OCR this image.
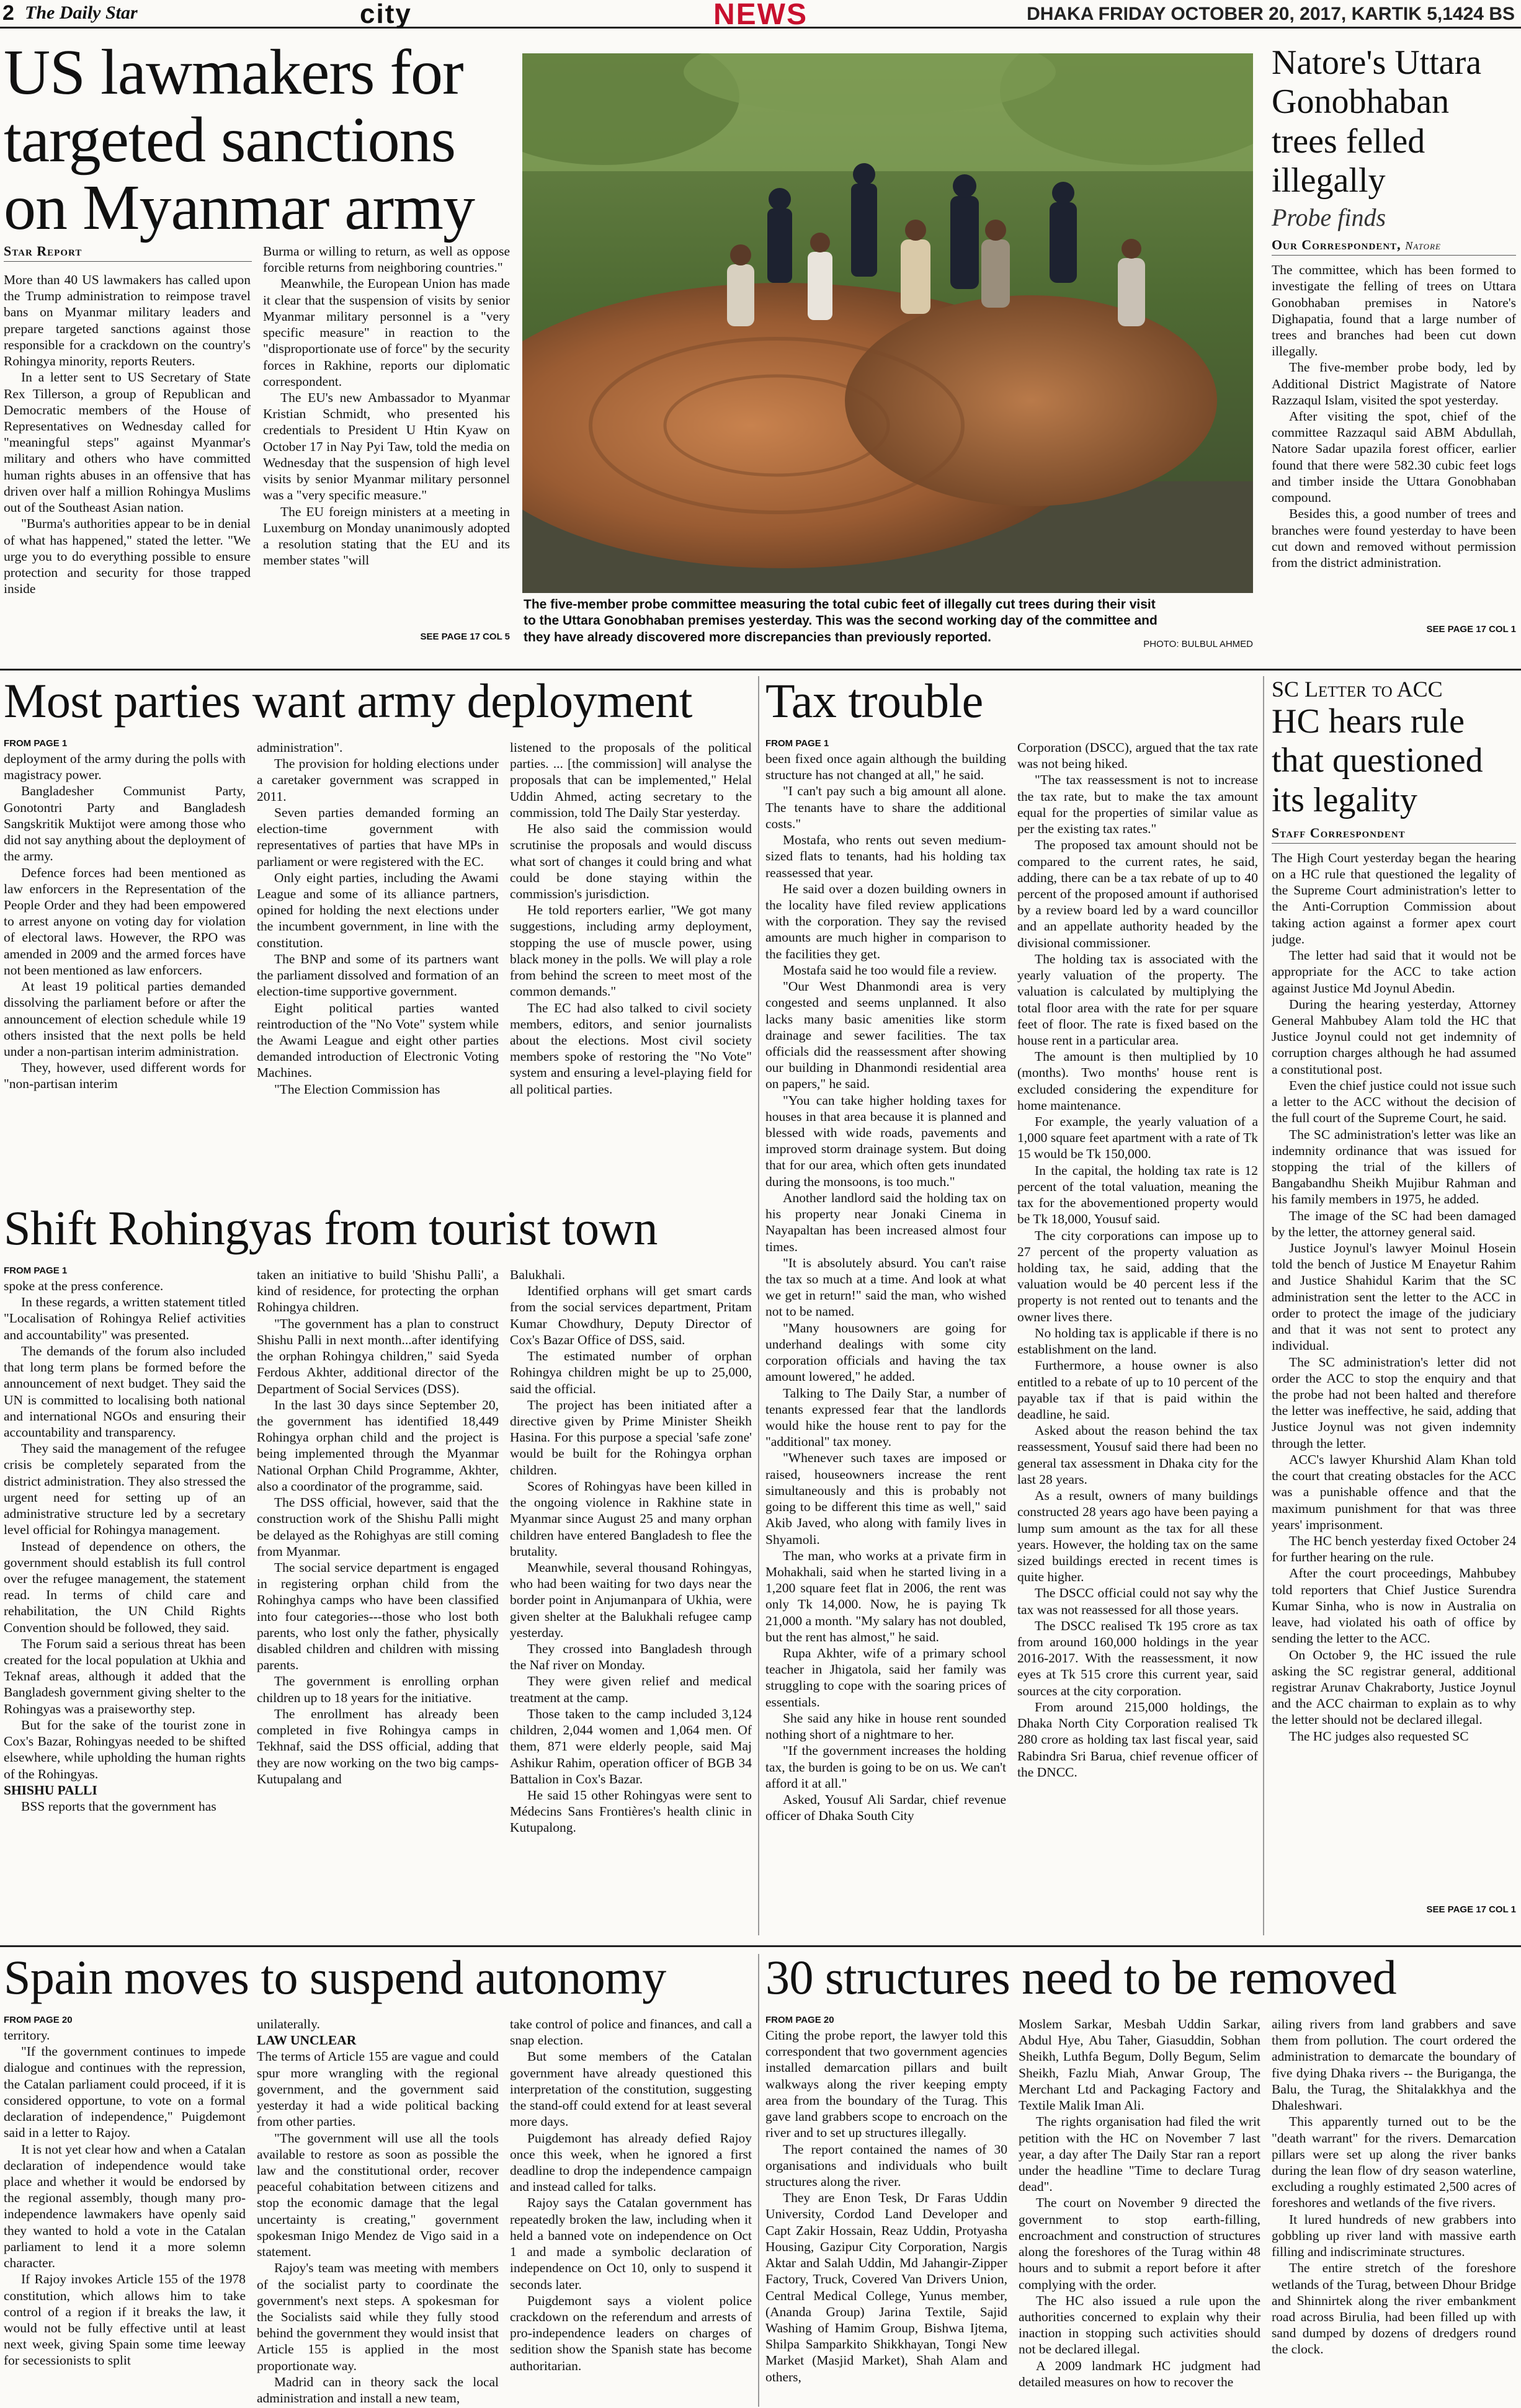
2 The Daily Star	city	NEWS	DHAKA FRIDAY OCTOBER 20, 2017, KARTIK 5,1424 BS
US lawmakers for targeted sanctions on Myanmar army
Star Report

More than 40 US lawmakers has called upon the Trump administration to reimpose travel bans on Myanmar military leaders and prepare targeted sanctions against those responsible for a crackdown on the country's Rohingya minority, reports Reuters.

In a letter sent to US Secretary of State Rex Tillerson, a group of Republican and Democratic members of the House of Representatives on Wednesday called for "meaningful steps" against Myanmar's military and others who have committed human rights abuses in an offensive that has driven over half a million Rohingya Muslims out of the Southeast Asian nation.

"Burma's authorities appear to be in denial of what has happened," stated the letter. "We urge you to do everything possible to ensure protection and security for those trapped inside

Burma or willing to return, as well as oppose forcible returns from neighboring countries."

Meanwhile, the European Union has made it clear that the suspension of visits by senior Myanmar military personnel is a "very specific measure" in reaction to the "disproportionate use of force" by the security forces in Rakhine, reports our diplomatic correspondent.

The EU's new Ambassador to Myanmar Kristian Schmidt, who presented his credentials to President U Htin Kyaw on October 17 in Nay Pyi Taw, told the media on Wednesday that the suspension of high level visits by senior Myanmar military personnel was a "very specific measure."

The EU foreign ministers at a meeting in Luxemburg on Monday unanimously adopted a resolution stating that the EU and its member states "will

SEE PAGE 17 COL 5
The five-member probe committee measuring the total cubic feet of illegally cut trees during their visit to the Uttara Gonobhaban premises yesterday. This was the second working day of the committee and they have already discovered more discrepancies than previously reported.	PHOTO: BULBUL AHMED
Natore's Uttara Gonobhaban trees felled illegally
Probe finds
Our Correspondent, Natore

The committee, which has been formed to investigate the felling of trees on Uttara Gonobhaban premises in Natore's Dighapatia, found that a large number of trees and branches had been cut down illegally.

The five-member probe body, led by Additional District Magistrate of Natore Razzaqul Islam, visited the spot yesterday.

After visiting the spot, chief of the committee Razzaqul said ABM Abdullah, Natore Sadar upazila forest officer, earlier found that there were 582.30 cubic feet logs and timber inside the Uttara Gonobhaban compound.

Besides this, a good number of trees and branches were found yesterday to have been cut down and removed without permission from the district administration.

SEE PAGE 17 COL 1
Most parties want army deployment
FROM PAGE 1

deployment of the army during the polls with magistracy power.

Bangladesher Communist Party, Gonotontri Party and Bangladesh Sangskritik Muktijot were among those who did not say anything about the deployment of the army.

Defence forces had been mentioned as law enforcers in the Representation of the People Order and they had been empowered to arrest anyone on voting day for violation of electoral laws. However, the RPO was amended in 2009 and the armed forces have not been mentioned as law enforcers.

At least 19 political parties demanded dissolving the parliament before or after the announcement of election schedule while 19 others insisted that the next polls be held under a non-partisan interim administration.

They, however, used different words for "non-partisan interim

administration".

The provision for holding elections under a caretaker government was scrapped in 2011.

Seven parties demanded forming an election-time government with representatives of parties that have MPs in parliament or were registered with the EC.

Only eight parties, including the Awami League and some of its alliance partners, opined for holding the next elections under the incumbent government, in line with the constitution.

The BNP and some of its partners want the parliament dissolved and formation of an election-time supportive government.

Eight political parties wanted reintroduction of the "No Vote" system while the Awami League and eight other parties demanded introduction of Electronic Voting Machines.

"The Election Commission has

listened to the proposals of the political parties. ... [the commission] will analyse the proposals that can be implemented," Helal Uddin Ahmed, acting secretary to the commission, told The Daily Star yesterday.

He also said the commission would scrutinise the proposals and would discuss what sort of changes it could bring and what could be done staying within the commission's jurisdiction.

He told reporters earlier, "We got many suggestions, including army deployment, stopping the use of muscle power, using black money in the polls. We will play a role from behind the screen to meet most of the common demands."

The EC had also talked to civil society members, editors, and senior journalists about the elections. Most civil society members spoke of restoring the "No Vote" system and ensuring a level-playing field for all political parties.

Tax trouble
FROM PAGE 1

been fixed once again although the building structure has not changed at all," he said.

"I can't pay such a big amount all alone. The tenants have to share the additional costs."

Mostafa, who rents out seven medium-sized flats to tenants, had his holding tax reassessed that year.

He said over a dozen building owners in the locality have filed review applications with the corporation. They say the revised amounts are much higher in comparison to the facilities they get.

Mostafa said he too would file a review.

"Our West Dhanmondi area is very congested and seems unplanned. It also lacks many basic amenities like storm drainage and sewer facilities. The tax officials did the reassessment after showing our building in Dhanmondi residential area on papers," he said.

"You can take higher holding taxes for houses in that area because it is planned and blessed with wide roads, pavements and improved storm drainage system. But doing that for our area, which often gets inundated during the monsoons, is too much."

Another landlord said the holding tax on his property near Jonaki Cinema in Nayapaltan has been increased almost four times.

"It is absolutely absurd. You can't raise the tax so much at a time. And look at what we get in return!" said the man, who wished not to be named.

"Many housowners are going for underhand dealings with some city corporation officials and having the tax amount lowered," he added.

Talking to The Daily Star, a number of tenants expressed fear that the landlords would hike the house rent to pay for the "additional" tax money.

"Whenever such taxes are imposed or raised, houseowners increase the rent simultaneously and this is probably not going to be different this time as well," said Akib Javed, who along with family lives in Shyamoli.

The man, who works at a private firm in Mohakhali, said when he started living in a 1,200 square feet flat in 2006, the rent was only Tk 14,000. Now, he is paying Tk 21,000 a month. "My salary has not doubled, but the rent has almost," he said.

Rupa Akhter, wife of a primary school teacher in Jhigatola, said her family was struggling to cope with the soaring prices of essentials.

She said any hike in house rent sounded nothing short of a nightmare to her.

"If the government increases the holding tax, the burden is going to be on us. We can't afford it at all."

Asked, Yousuf Ali Sardar, chief revenue officer of Dhaka South City

Corporation (DSCC), argued that the tax rate was not being hiked.

"The tax reassessment is not to increase the tax rate, but to make the tax amount equal for the properties of similar value as per the existing tax rates."

The proposed tax amount should not be compared to the current rates, he said, adding, there can be a tax rebate of up to 40 percent of the proposed amount if authorised by a review board led by a ward councillor and an appellate authority headed by the divisional commissioner.

The holding tax is associated with the yearly valuation of the property. The valuation is calculated by multiplying the total floor area with the rate for per square feet of floor. The rate is fixed based on the house rent in a particular area.

The amount is then multiplied by 10 (months). Two months' house rent is excluded considering the expenditure for home maintenance.

For example, the yearly valuation of a 1,000 square feet apartment with a rate of Tk 15 would be Tk 150,000.

In the capital, the holding tax rate is 12 percent of the total valuation, meaning the tax for the abovementioned property would be Tk 18,000, Yousuf said.

The city corporations can impose up to 27 percent of the property valuation as holding tax, he said, adding that the valuation would be 40 percent less if the property is not rented out to tenants and the owner lives there.

No holding tax is applicable if there is no establishment on the land.

Furthermore, a house owner is also entitled to a rebate of up to 10 percent of the payable tax if that is paid within the deadline, he said.

Asked about the reason behind the tax reassessment, Yousuf said there had been no general tax assessment in Dhaka city for the last 28 years.

As a result, owners of many buildings constructed 28 years ago have been paying a lump sum amount as the tax for all these years. However, the holding tax on the same sized buildings erected in recent times is quite higher.

The DSCC official could not say why the tax was not reassessed for all those years.

The DSCC realised Tk 195 crore as tax from around 160,000 holdings in the year 2016-2017. With the reassessment, it now eyes at Tk 515 crore this current year, said sources at the city corporation.

From around 215,000 holdings, the Dhaka North City Corporation realised Tk 280 crore as holding tax last fiscal year, said Rabindra Sri Barua, chief revenue officer of the DNCC.

SC Letter to ACC
HC hears rule that questioned its legality
Staff Correspondent

The High Court yesterday began the hearing on a HC rule that questioned the legality of the Supreme Court administration's letter to the Anti-Corruption Commission about taking action against a former apex court judge.

The letter had said that it would not be appropriate for the ACC to take action against Justice Md Joynul Abedin.

During the hearing yesterday, Attorney General Mahbubey Alam told the HC that Justice Joynul could not get indemnity of corruption charges although he had assumed a constitutional post.

Even the chief justice could not issue such a letter to the ACC without the decision of the full court of the Supreme Court, he said.

The SC administration's letter was like an indemnity ordinance that was issued for stopping the trial of the killers of Bangabandhu Sheikh Mujibur Rahman and his family members in 1975, he added.

The image of the SC had been damaged by the letter, the attorney general said.

Justice Joynul's lawyer Moinul Hosein told the bench of Justice M Enayetur Rahim and Justice Shahidul Karim that the SC administration sent the letter to the ACC in order to protect the image of the judiciary and that it was not sent to protect any individual.

The SC administration's letter did not order the ACC to stop the enquiry and that the probe had not been halted and therefore the letter was ineffective, he said, adding that Justice Joynul was not given indemnity through the letter.

ACC's lawyer Khurshid Alam Khan told the court that creating obstacles for the ACC was a punishable offence and that the maximum punishment for that was three years' imprisonment.

The HC bench yesterday fixed October 24 for further hearing on the rule.

After the court proceedings, Mahbubey told reporters that Chief Justice Surendra Kumar Sinha, who is now in Australia on leave, had violated his oath of office by sending the letter to the ACC.

On October 9, the HC issued the rule asking the SC registrar general, additional registrar Arunav Chakraborty, Justice Joynul and the ACC chairman to explain as to why the letter should not be declared illegal.

The HC judges also requested SC

SEE PAGE 17 COL 1
Shift Rohingyas from tourist town
FROM PAGE 1

spoke at the press conference.

In these regards, a written statement titled "Localisation of Rohingya Relief activities and accountability" was presented.

The demands of the forum also included that long term plans be formed before the announcement of next budget. They said the UN is committed to localising both national and international NGOs and ensuring their accountability and transparency.

They said the management of the refugee crisis be completely separated from the district administration. They also stressed the urgent need for setting up of an administrative structure led by a secretary level official for Rohingya management.

Instead of dependence on others, the government should establish its full control over the refugee management, the statement read. In terms of child care and rehabilitation, the UN Child Rights Convention should be followed, they said.

The Forum said a serious threat has been created for the local population at Ukhia and Teknaf areas, although it added that the Bangladesh government giving shelter to the Rohingyas was a praiseworthy step.

But for the sake of the tourist zone in Cox's Bazar, Rohingyas needed to be shifted elsewhere, while upholding the human rights of the Rohingyas.

SHISHU PALLI

BSS reports that the government has

taken an initiative to build 'Shishu Palli', a kind of residence, for protecting the orphan Rohingya children.

"The government has a plan to construct Shishu Palli in next month...after identifying the orphan Rohingya children," said Syeda Ferdous Akhter, additional director of the Department of Social Services (DSS).

In the last 30 days since September 20, the government has identified 18,449 Rohingya orphan child and the project is being implemented through the Myanmar National Orphan Child Programme, Akhter, also a coordinator of the programme, said.

The DSS official, however, said that the construction work of the Shishu Palli might be delayed as the Rohighyas are still coming from Myanmar.

The social service department is engaged in registering orphan child from the Rohinghya camps who have been classified into four categories---those who lost both parents, who lost only the father, physically disabled children and children with missing parents.

The government is enrolling orphan children up to 18 years for the initiative.

The enrollment has already been completed in five Rohingya camps in Tekhnaf, said the DSS official, adding that they are now working on the two big camps-Kutupalang and

Balukhali.

Identified orphans will get smart cards from the social services department, Pritam Kumar Chowdhury, Deputy Director of Cox's Bazar Office of DSS, said.

The estimated number of orphan Rohingya children might be up to 25,000, said the official.

The project has been initiated after a directive given by Prime Minister Sheikh Hasina. For this purpose a special 'safe zone' would be built for the Rohingya orphan children.

Scores of Rohingyas have been killed in the ongoing violence in Rakhine state in Myanmar since August 25 and many orphan children have entered Bangladesh to flee the brutality.

Meanwhile, several thousand Rohingyas, who had been waiting for two days near the border point in Anjumanpara of Ukhia, were given shelter at the Balukhali refugee camp yesterday.

They crossed into Bangladesh through the Naf river on Monday.

They were given relief and medical treatment at the camp.

Those taken to the camp included 3,124 children, 2,044 women and 1,064 men. Of them, 871 were elderly people, said Maj Ashikur Rahim, operation officer of BGB 34 Battalion in Cox's Bazar.

He said 15 other Rohingyas were sent to Médecins Sans Frontières's health clinic in Kutupalong.

Spain moves to suspend autonomy
FROM PAGE 20

territory.

"If the government continues to impede dialogue and continues with the repression, the Catalan parliament could proceed, if it is considered opportune, to vote on a formal declaration of independence," Puigdemont said in a letter to Rajoy.

It is not yet clear how and when a Catalan declaration of independence would take place and whether it would be endorsed by the regional assembly, though many pro-independence lawmakers have openly said they wanted to hold a vote in the Catalan parliament to lend it a more solemn character.

If Rajoy invokes Article 155 of the 1978 constitution, which allows him to take control of a region if it breaks the law, it would not be fully effective until at least next week, giving Spain some time leeway for secessionists to split

unilaterally.

LAW UNCLEAR

The terms of Article 155 are vague and could spur more wrangling with the regional government, and the government said yesterday it had a wide political backing from other parties.

"The government will use all the tools available to restore as soon as possible the law and the constitutional order, recover peaceful cohabitation between citizens and stop the economic damage that the legal uncertainty is creating," government spokesman Inigo Mendez de Vigo said in a statement.

Rajoy's team was meeting with members of the socialist party to coordinate the government's next steps. A spokesman for the Socialists said while they fully stood behind the government they would insist that Article 155 is applied in the most proportionate way.

Madrid can in theory sack the local administration and install a new team,

take control of police and finances, and call a snap election.

But some members of the Catalan government have already questioned this interpretation of the constitution, suggesting the stand-off could extend for at least several more days.

Puigdemont has already defied Rajoy once this week, when he ignored a first deadline to drop the independence campaign and instead called for talks.

Rajoy says the Catalan government has repeatedly broken the law, including when it held a banned vote on independence on Oct 1 and made a symbolic declaration of independence on Oct 10, only to suspend it seconds later.

Puigdemont says a violent police crackdown on the referendum and arrests of pro-independence leaders on charges of sedition show the Spanish state has become authoritarian.

30 structures need to be removed
FROM PAGE 20

Citing the probe report, the lawyer told this correspondent that two government agencies installed demarcation pillars and built walkways along the river keeping empty area from the boundary of the Turag. This gave land grabbers scope to encroach on the river and to set up structures illegally.

The report contained the names of 30 organisations and individuals who built structures along the river.

They are Enon Tesk, Dr Faras Uddin University, Cordod Land Developer and Capt Zakir Hossain, Reaz Uddin, Protyasha Housing, Gazipur City Corporation, Nargis Aktar and Salah Uddin, Md Jahangir-Zipper Factory, Truck, Covered Van Drivers Union, Central Medical College, Yunus member, (Ananda Group) Jarina Textile, Sajid Washing of Hamim Group, Bishwa Ijtema, Shilpa Samparkito Shikkhayan, Tongi New Market (Masjid Market), Shah Alam and others,

Moslem Sarkar, Mesbah Uddin Sarkar, Abdul Hye, Abu Taher, Giasuddin, Sobhan Sheikh, Luthfa Begum, Dolly Begum, Selim Sheikh, Fazlu Miah, Anwar Group, The Merchant Ltd and Packaging Factory and Textile Malik Iman Ali.

The rights organisation had filed the writ petition with the HC on November 7 last year, a day after The Daily Star ran a report under the headline "Time to declare Turag dead".

The court on November 9 directed the government to stop earth-filling, encroachment and construction of structures along the foreshores of the Turag within 48 hours and to submit a report before it after complying with the order.

The HC also issued a rule upon the authorities concerned to explain why their inaction in stopping such activities should not be declared illegal.

A 2009 landmark HC judgment had detailed measures on how to recover the

ailing rivers from land grabbers and save them from pollution. The court ordered the administration to demarcate the boundary of five dying Dhaka rivers -- the Buriganga, the Balu, the Turag, the Shitalakkhya and the Dhaleshwari.

This apparently turned out to be the "death warrant" for the rivers. Demarcation pillars were set up along the river banks during the lean flow of dry season waterline, excluding a roughly estimated 2,500 acres of foreshores and wetlands of the five rivers.

It lured hundreds of new grabbers into gobbling up river land with massive earth filling and indiscriminate structures.

The entire stretch of the foreshore wetlands of the Turag, between Dhour Bridge and Shinnirtek along the river embankment road across Birulia, had been filled up with sand dumped by dozens of dredgers round the clock.
